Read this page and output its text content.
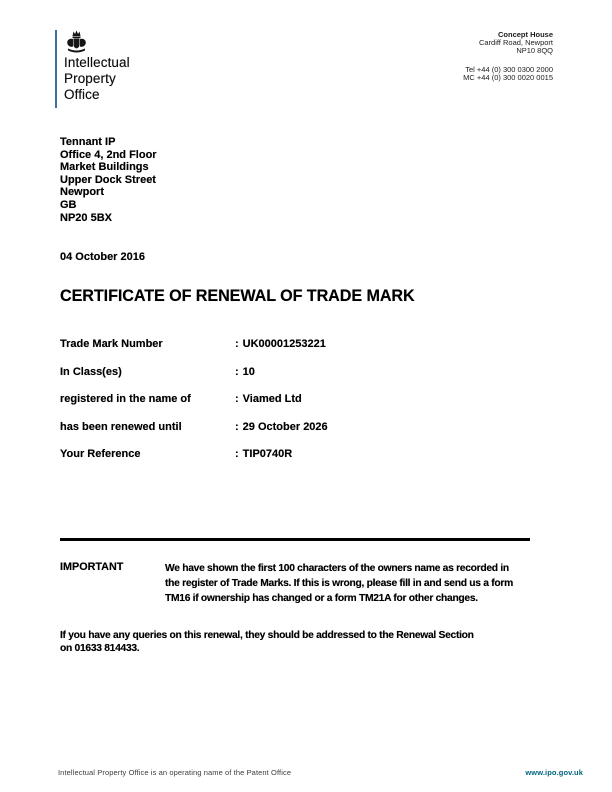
Intellectual
Property
Office
Concept House
Cardiff Road, Newport
NP10 8QQ
Tel +44 (0) 300 0300 2000
MC +44 (0) 300 0020 0015
Tennant IP
Office 4, 2nd Floor
Market Buildings
Upper Dock Street
Newport
GB
NP20 5BX
04 October 2016
CERTIFICATE OF RENEWAL OF TRADE MARK
Trade Mark Number	: UK00001253221
In Class(es)	: 10
registered in the name of	: Viamed Ltd
has been renewed until	: 29 October 2026
Your Reference	: TIP0740R
IMPORTANT	We have shown the first 100 characters of the owners name as recorded in
the register of Trade Marks. If this is wrong, please fill in and send us a form
TM16 if ownership has changed or a form TM21A for other changes.
If you have any queries on this renewal, they should be addressed to the Renewal Section
on 01633 814433.
Intellectual Property Office is an operating name of the Patent Office	www.ipo.gov.uk
